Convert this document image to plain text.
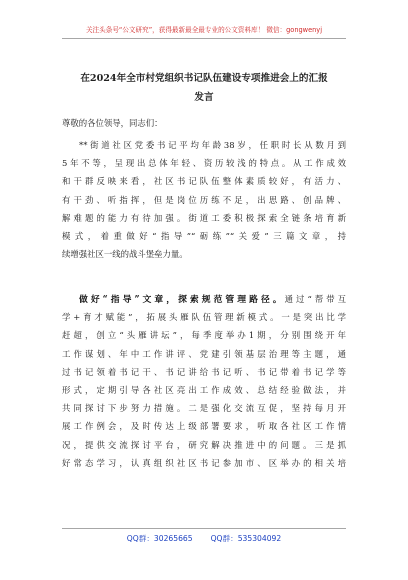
关注头条号“公文研究”，获得最新最全最专业的公文资料库！ 微信：gongwenyj
在2024年全市村党组织书记队伍建设专项推进会上的汇报
发言
尊敬的各位领导，同志们：
**街道社区党委书记平均年龄38岁，任职时长从数月到
5年不等，呈现出总体年轻、资历较浅的特点。从工作成效
和干群反映来看，社区书记队伍整体素质较好，有活力、
有干劲、听指挥，但是岗位历练不足，出思路、创品牌、
解难题的能力有待加强。街道工委积极探索全链条培育新
模式，着重做好“指导”“砺练”“关爱”三篇文章，持
续增强社区一线的战斗堡垒力量。
做好“指导”文章，探索规范管理路径。通过“帮带互
学+育才赋能”，拓展头雁队伍管理新模式。一是突出比学
赶超，创立“头雁讲坛”，每季度举办1期，分别围绕开年
工作谋划、年中工作讲评、党建引领基层治理等主题，通
过书记领着书记干、书记讲给书记听、书记带着书记学等
形式，定期引导各社区亮出工作成效、总结经验做法，并
共同探讨下步努力措施。二是强化交流互促，坚持每月开
展工作例会，及时传达上级部署要求，听取各社区工作情
况，提供交流探讨平台，研究解决推进中的问题。三是抓
好常态学习，认真组织社区书记参加市、区举办的相关培
QQ群：30265665 QQ群：535304092
